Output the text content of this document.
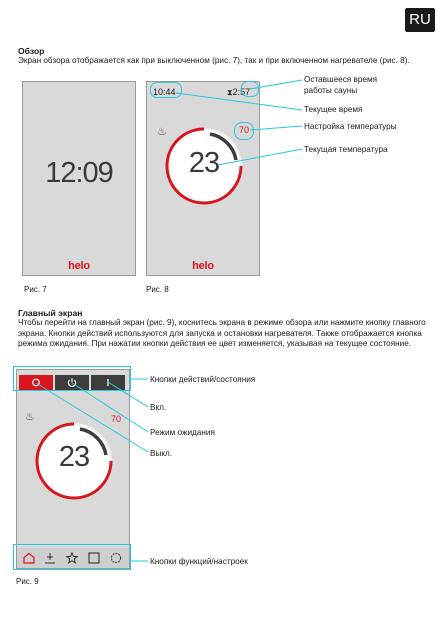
RU
Обзор
Экран обзора отображается как при выключенном (рис. 7), так и при включенном нагревателе (рис. 8).
12:09
helo
Рис. 7
10:44	⧗2:57
♨	70
23
helo
Рис. 8
Оставшееся время
работы сауны
Текущее время
Настройка температуры
Текущая температура
Главный экран
Чтобы перейти на главный экран (рис. 9), коснитесь экрана в режиме обзора или нажмите кнопку главного экрана. Кнопки действий используются для запуска и остановки нагревателя. Также отображается кнопка режима ожидания. При нажатии кнопки действия ее цвет изменяется, указывая на текущее состояние.
♨	70
23
Рис. 9
Кнопки действий/состояния
Вкл.
Режим ожидания
Выкл.
Кнопки функций/настроек
